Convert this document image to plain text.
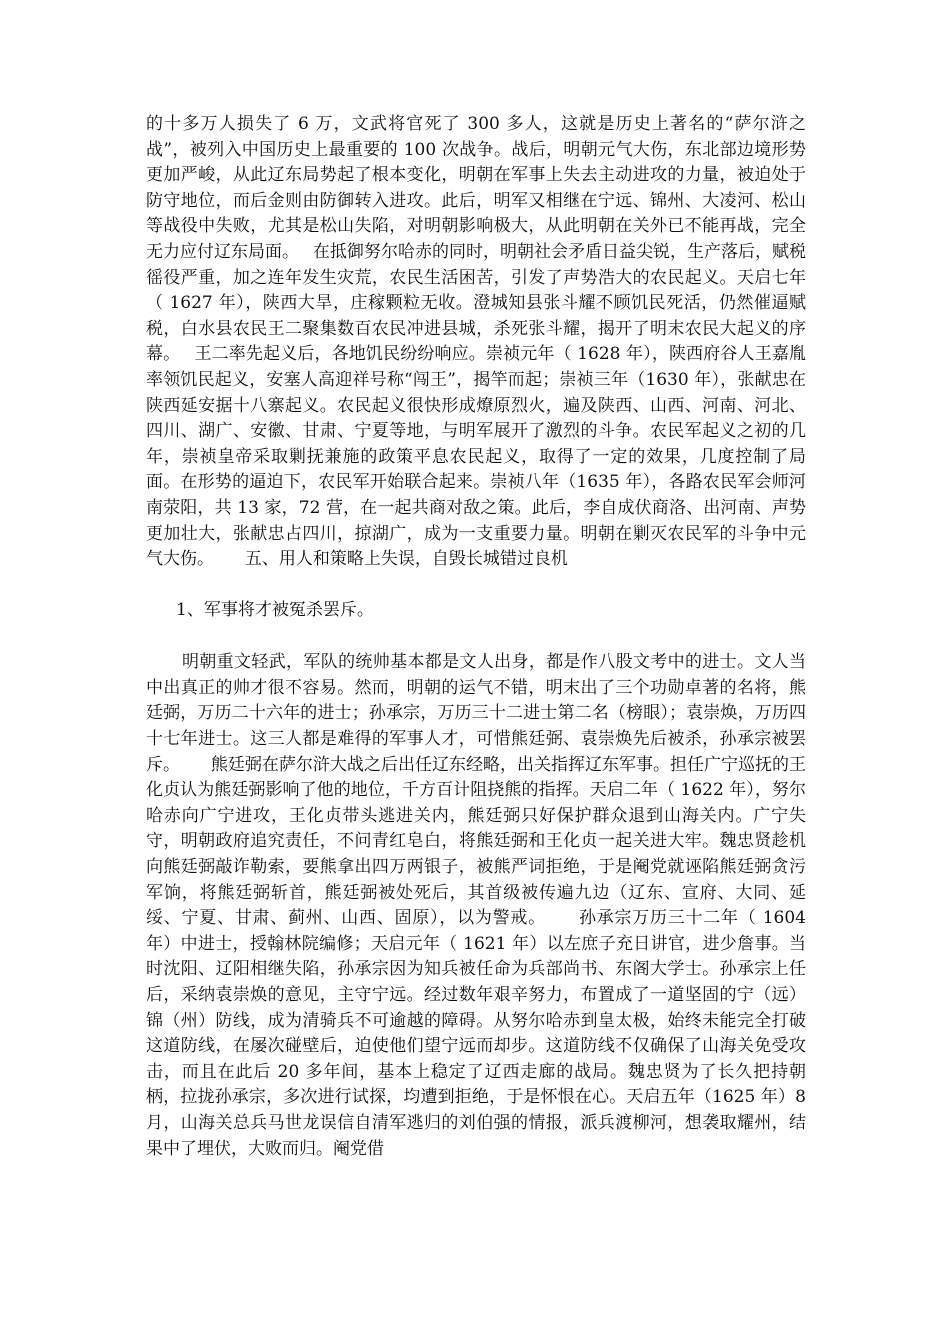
的十多万人损失了 6 万，文武将官死了 300 多人，这就是历史上著名的“萨尔浒之战”，被列入中国历史上最重要的 100 次战争。战后，明朝元气大伤，东北部边境形势更加严峻，从此辽东局势起了根本变化，明朝在军事上失去主动进攻的力量，被迫处于防守地位，而后金则由防御转入进攻。此后，明军又相继在宁远、锦州、大凌河、松山等战役中失败，尤其是松山失陷，对明朝影响极大，从此明朝在关外已不能再战，完全无力应付辽东局面。　 在抵御努尔哈赤的同时，明朝社会矛盾日益尖锐，生产落后，赋税徭役严重，加之连年发生灾荒，农民生活困苦，引发了声势浩大的农民起义。天启七年（ 1627 年），陕西大旱，庄稼颗粒无收。澄城知县张斗耀不顾饥民死活，仍然催逼赋税，白水县农民王二聚集数百农民冲进县城，杀死张斗耀，揭开了明末农民大起义的序幕。　 王二率先起义后，各地饥民纷纷响应。崇祯元年（ 1628 年），陕西府谷人王嘉胤率领饥民起义，安塞人高迎祥号称“闯王”，揭竿而起；崇祯三年（1630 年），张献忠在陕西延安据十八寨起义。农民起义很快形成燎原烈火，遍及陕西、山西、河南、河北、四川、湖广、安徽、甘肃、宁夏等地，与明军展开了激烈的斗争。农民军起义之初的几年，崇祯皇帝采取剿抚兼施的政策平息农民起义，取得了一定的效果，几度控制了局面。在形势的逼迫下，农民军开始联合起来。崇祯八年（1635 年），各路农民军会师河南荥阳，共 13 家，72 营，在一起共商对敌之策。此后，李自成伏商洛、出河南、声势更加壮大，张献忠占四川，掠湖广，成为一支重要力量。明朝在剿灭农民军的斗争中元气大伤。　　 五、用人和策略上失误，自毁长城错过良机

1、军事将才被冤杀罢斥。

明朝重文轻武，军队的统帅基本都是文人出身，都是作八股文考中的进士。文人当中出真正的帅才很不容易。然而，明朝的运气不错，明末出了三个功勋卓著的名将，熊廷弼，万历二十六年的进士；孙承宗，万历三十二进士第二名（榜眼）；袁崇焕，万历四十七年进士。这三人都是难得的军事人才，可惜熊廷弼、袁崇焕先后被杀，孙承宗被罢斥。　　 熊廷弼在萨尔浒大战之后出任辽东经略，出关指挥辽东军事。担任广宁巡抚的王化贞认为熊廷弼影响了他的地位，千方百计阻挠熊的指挥。天启二年（ 1622 年），努尔哈赤向广宁进攻，王化贞带头逃进关内，熊廷弼只好保护群众退到山海关内。广宁失守，明朝政府追究责任，不问青红皂白，将熊廷弼和王化贞一起关进大牢。魏忠贤趁机向熊廷弼敲诈勒索，要熊拿出四万两银子，被熊严词拒绝，于是阉党就诬陷熊廷弼贪污军饷，将熊廷弼斩首，熊廷弼被处死后，其首级被传遍九边（辽东、宣府、大同、延绥、宁夏、甘肃、蓟州、山西、固原），以为警戒。　　 孙承宗万历三十二年（ 1604 年）中进士，授翰林院编修；天启元年（ 1621 年）以左庶子充日讲官，进少詹事。当时沈阳、辽阳相继失陷，孙承宗因为知兵被任命为兵部尚书、东阁大学士。孙承宗上任后，采纳袁崇焕的意见，主守宁远。经过数年艰辛努力，布置成了一道坚固的宁（远）锦（州）防线，成为清骑兵不可逾越的障碍。从努尔哈赤到皇太极，始终未能完全打破这道防线，在屡次碰壁后，迫使他们望宁远而却步。这道防线不仅确保了山海关免受攻击，而且在此后 20 多年间，基本上稳定了辽西走廊的战局。魏忠贤为了长久把持朝柄，拉拢孙承宗，多次进行试探，均遭到拒绝，于是怀恨在心。天启五年（1625 年）8 月，山海关总兵马世龙误信自清军逃归的刘伯强的情报，派兵渡柳河，想袭取耀州，结果中了埋伏，大败而归。阉党借
